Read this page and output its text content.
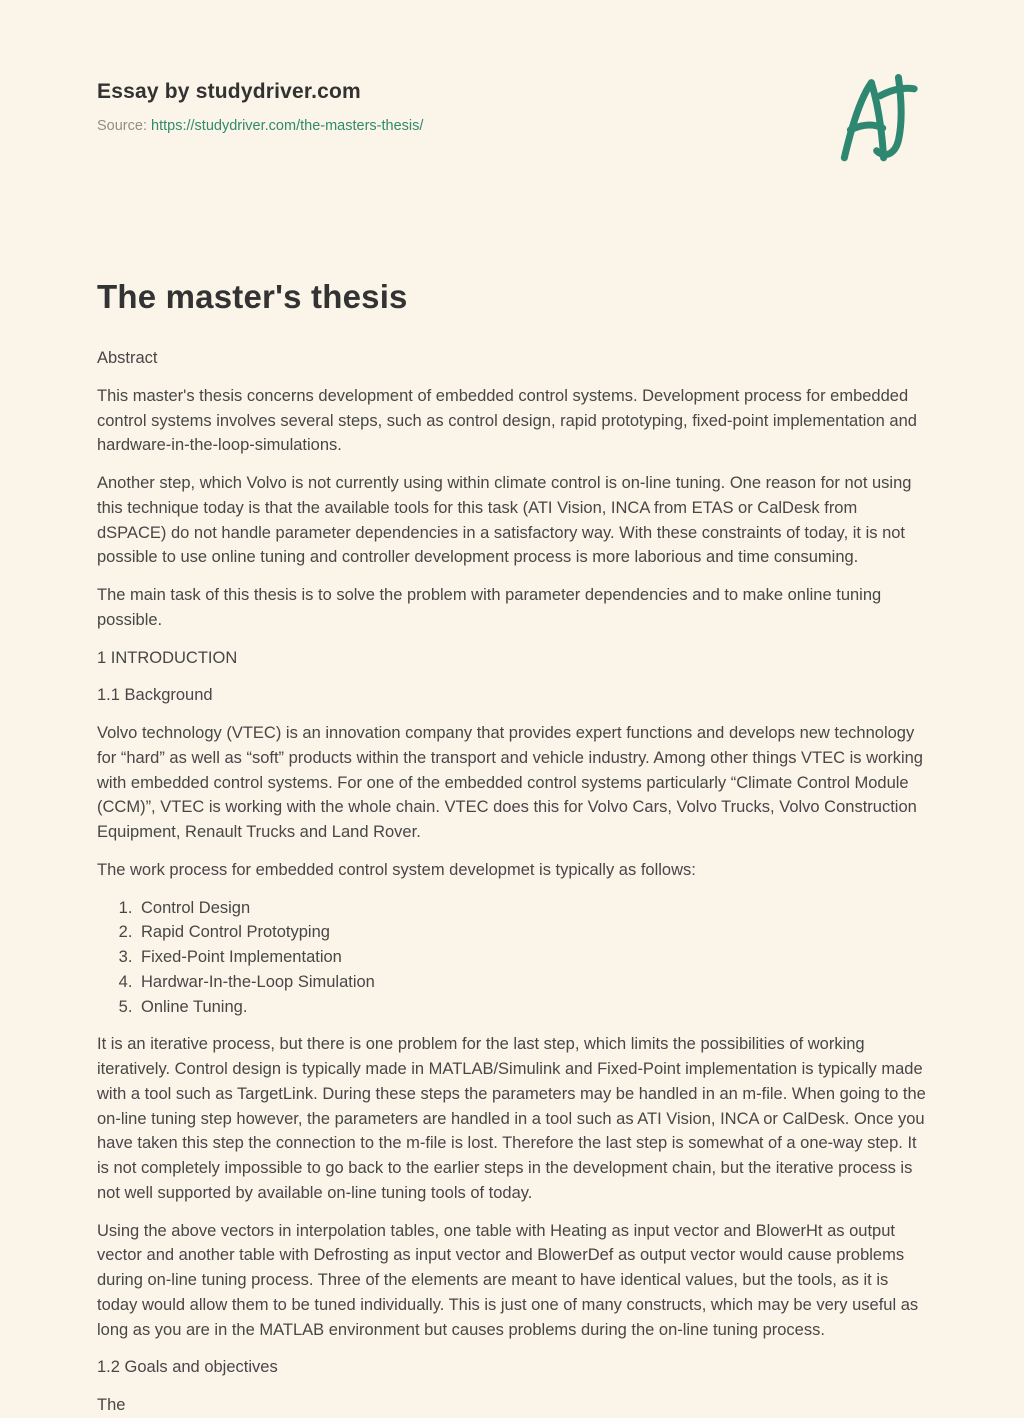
Essay by studydriver.com
Source: https://studydriver.com/the-masters-thesis/
The master's thesis

Abstract

This master's thesis concerns development of embedded control systems. Development process for embedded control systems involves several steps, such as control design, rapid prototyping, fixed-point implementation and hardware-in-the-loop-simulations.

Another step, which Volvo is not currently using within climate control is on-line tuning. One reason for not using this technique today is that the available tools for this task (ATI Vision, INCA from ETAS or CalDesk from dSPACE) do not handle parameter dependencies in a satisfactory way. With these constraints of today, it is not possible to use online tuning and controller development process is more laborious and time consuming.

The main task of this thesis is to solve the problem with parameter dependencies and to make online tuning possible.

1 INTRODUCTION
1.1 Background

Volvo technology (VTEC) is an innovation company that provides expert functions and develops new technology for “hard” as well as “soft” products within the transport and vehicle industry. Among other things VTEC is working with embedded control systems. For one of the embedded control systems particularly “Climate Control Module (CCM)”, VTEC is working with the whole chain. VTEC does this for Volvo Cars, Volvo Trucks, Volvo Construction Equipment, Renault Trucks and Land Rover.

The work process for embedded control system developmet is typically as follows:

1. Control Design
2. Rapid Control Prototyping
3. Fixed-Point Implementation
4. Hardwar-In-the-Loop Simulation
5. Online Tuning.

It is an iterative process, but there is one problem for the last step, which limits the possibilities of working iteratively. Control design is typically made in MATLAB/Simulink and Fixed-Point implementation is typically made with a tool such as TargetLink. During these steps the parameters may be handled in an m-file. When going to the on-line tuning step however, the parameters are handled in a tool such as ATI Vision, INCA or CalDesk. Once you have taken this step the connection to the m-file is lost. Therefore the last step is somewhat of a one-way step. It is not completely impossible to go back to the earlier steps in the development chain, but the iterative process is not well supported by available on-line tuning tools of today.

Using the above vectors in interpolation tables, one table with Heating as input vector and BlowerHt as output vector and another table with Defrosting as input vector and BlowerDef as output vector would cause problems during on-line tuning process. Three of the elements are meant to have identical values, but the tools, as it is today would allow them to be tuned individually. This is just one of many constructs, which may be very useful as long as you are in the MATLAB environment but causes problems during the on-line tuning process.

1.2 Goals and objectives

The
